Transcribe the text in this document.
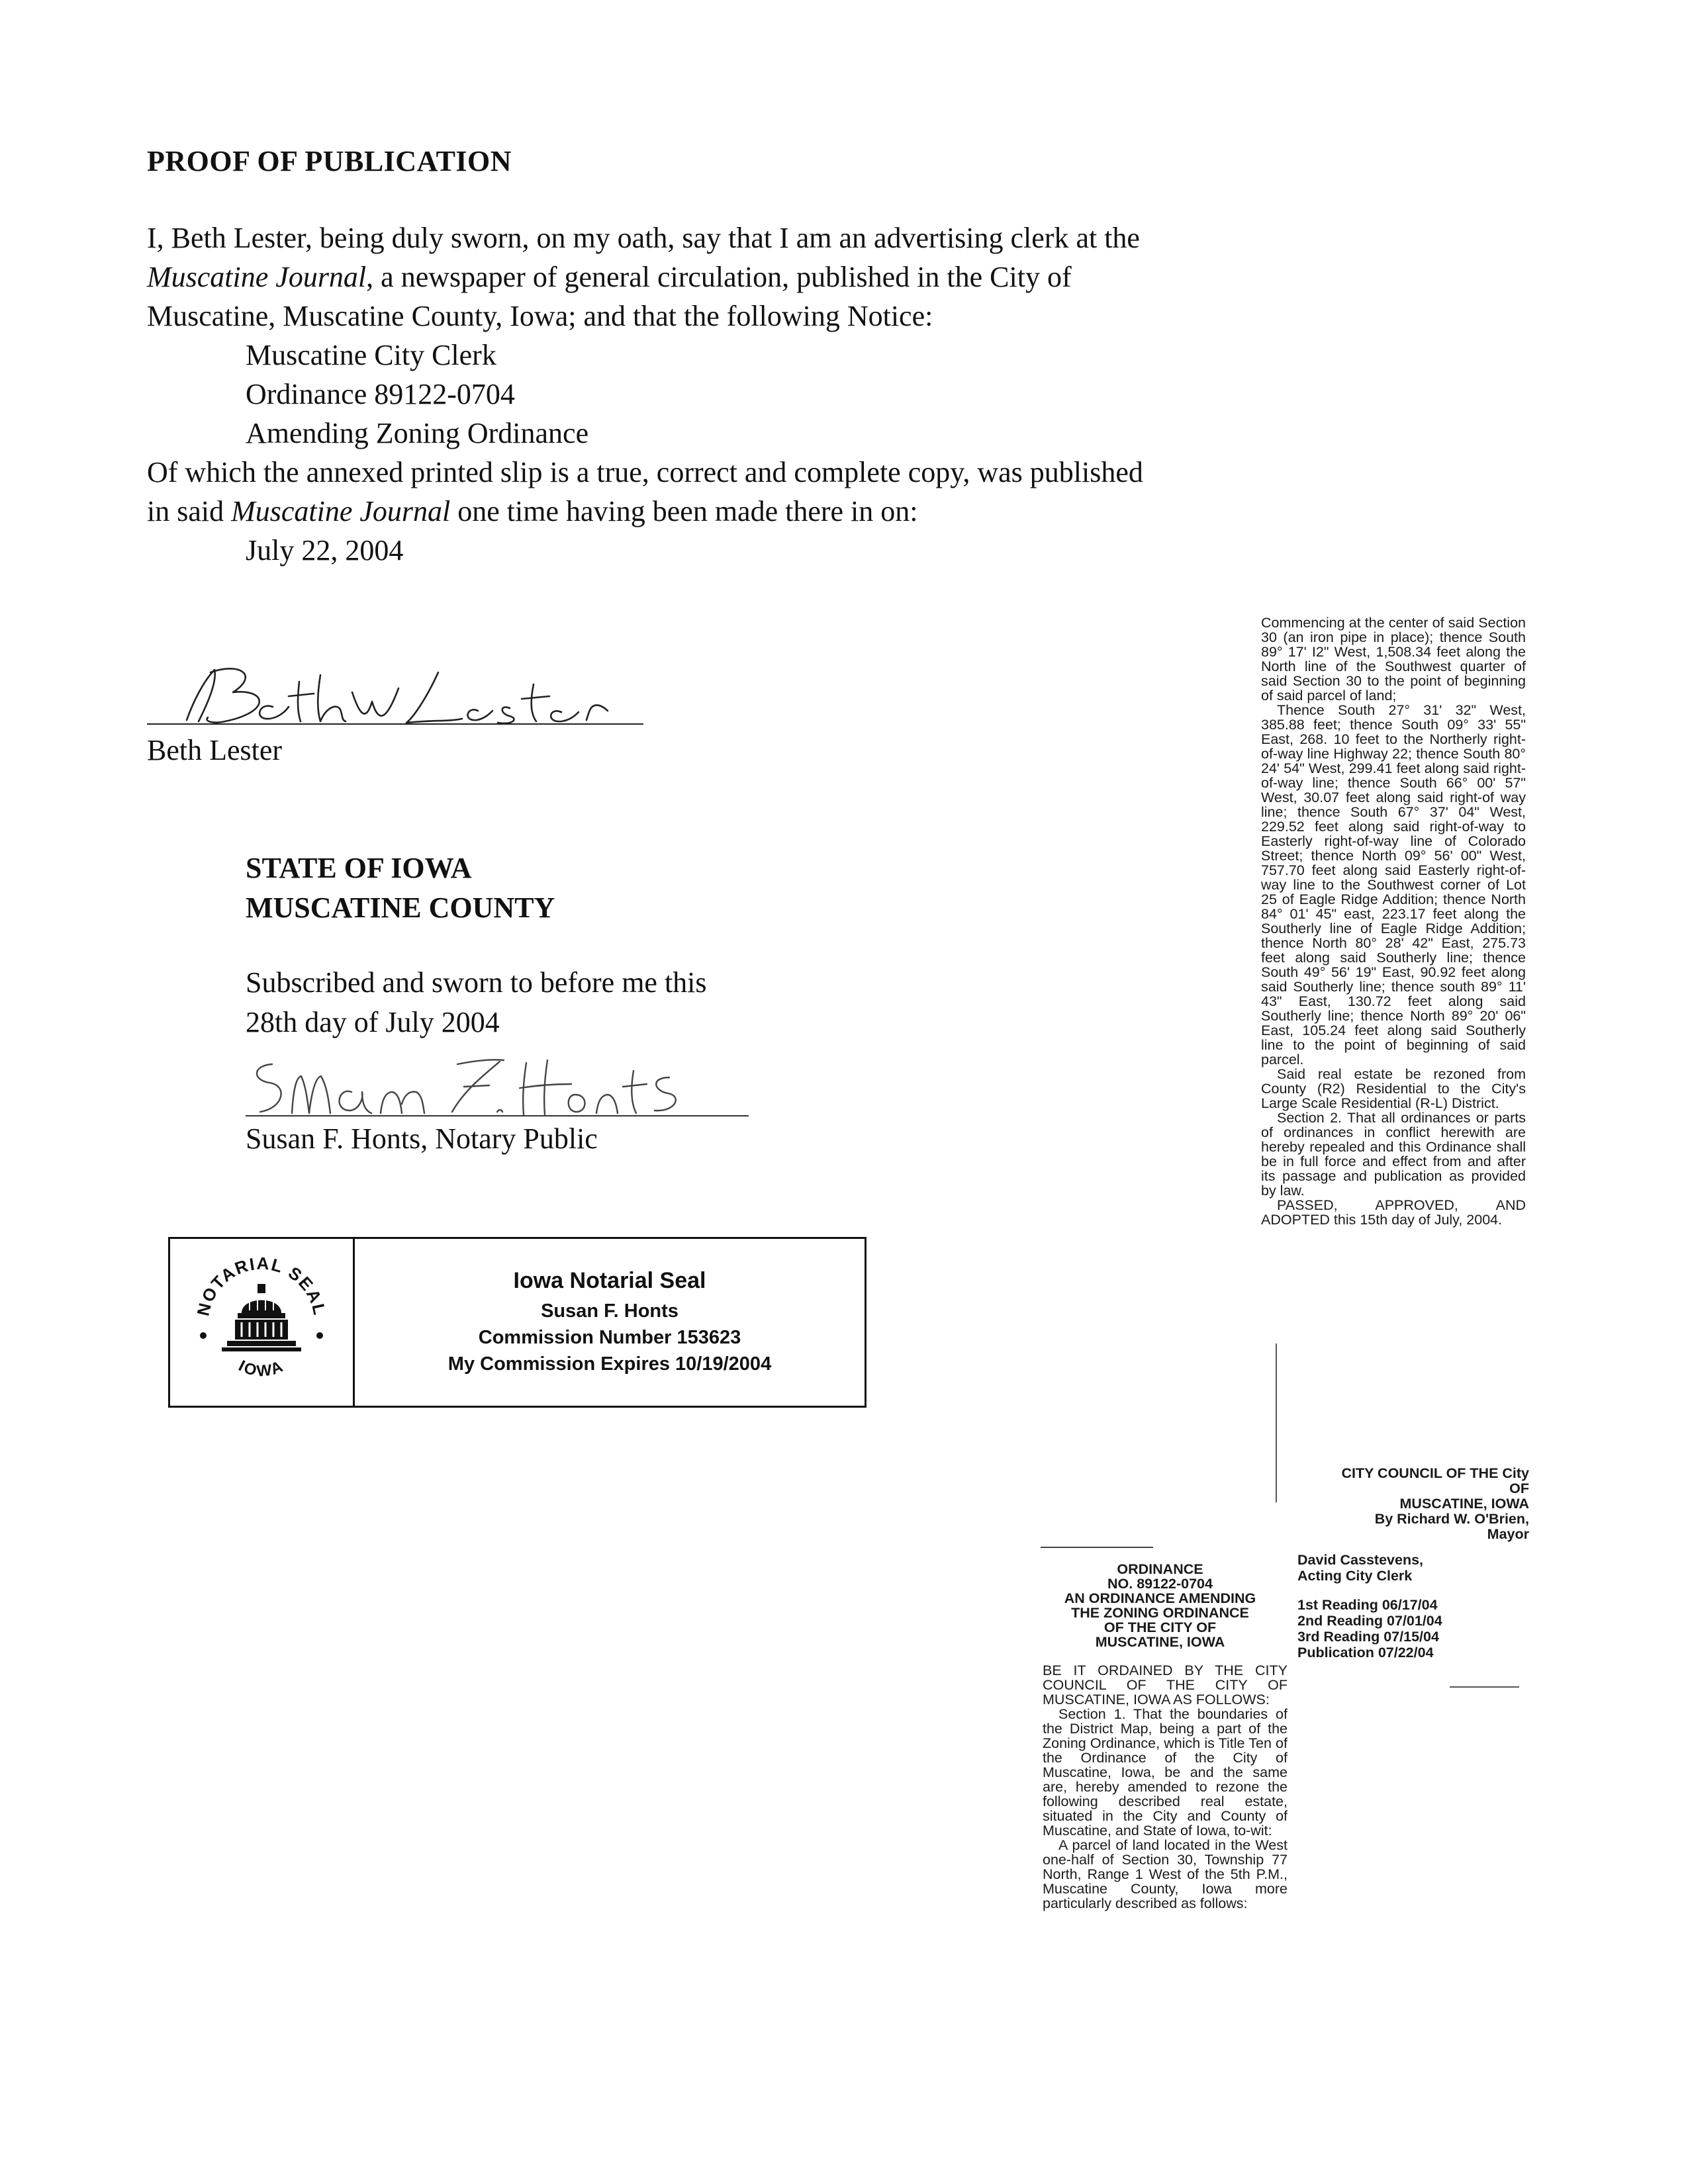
PROOF OF PUBLICATION
I, Beth Lester, being duly sworn, on my oath, say that I am an advertising clerk at the
Muscatine Journal, a newspaper of general circulation, published in the City of
Muscatine, Muscatine County, Iowa; and that the following Notice:
Muscatine City Clerk
Ordinance 89122-0704
Amending Zoning Ordinance
Of which the annexed printed slip is a true, correct and complete copy, was published
in said Muscatine Journal one time having been made there in on:
July 22, 2004
Beth Lester
STATE OF IOWA
MUSCATINE COUNTY
Subscribed and sworn to before me this
28th day of July 2004
Susan F. Honts, Notary Public
NOTARIAL SEAL
IOWA
Iowa Notarial Seal
Susan F. Honts
Commission Number 153623
My Commission Expires 10/19/2004

Commencing at the center of said Section 30 (an iron pipe in place); thence South 89° 17' I2" West, 1,508.34 feet along the North line of the Southwest quarter of said Section 30 to the point of beginning of said parcel of land;

Thence South 27° 31' 32" West, 385.88 feet; thence South 09° 33' 55" East, 268. 10 feet to the Northerly right-of-way line Highway 22; thence South 80° 24' 54" West, 299.41 feet along said right-of-way line; thence South 66° 00' 57" West, 30.07 feet along said right-of way line; thence South 67° 37' 04" West, 229.52 feet along said right-of-way to Easterly right-of-way line of Colorado Street; thence North 09° 56' 00" West, 757.70 feet along said Easterly right-of-way line to the Southwest corner of Lot 25 of Eagle Ridge Addition; thence North 84° 01' 45" east, 223.17 feet along the Southerly line of Eagle Ridge Addition; thence North 80° 28' 42" East, 275.73 feet along said Southerly line; thence South 49° 56' 19" East, 90.92 feet along said Southerly line; thence south 89° 11' 43" East, 130.72 feet along said Southerly line; thence North 89° 20' 06" East, 105.24 feet along said Southerly line to the point of beginning of said parcel.

Said real estate be rezoned from County (R2) Residential to the City's Large Scale Residential (R-L) District.

Section 2. That all ordinances or parts of ordinances in conflict herewith are hereby repealed and this Ordinance shall be in full force and effect from and after its passage and publication as provided by law.

PASSED, APPROVED, AND ADOPTED this 15th day of July, 2004.

CITY COUNCIL OF THE City
OF
MUSCATINE, IOWA
By Richard W. O'Brien,
Mayor
David Casstevens,
Acting City Clerk
1st Reading 06/17/04
2nd Reading 07/01/04
3rd Reading 07/15/04
Publication 07/22/04
ORDINANCE
NO. 89122-0704
AN ORDINANCE AMENDING
THE ZONING ORDINANCE
OF THE CITY OF
MUSCATINE, IOWA

BE IT ORDAINED BY THE CITY COUNCIL OF THE CITY OF MUSCATINE, IOWA AS FOLLOWS:

Section 1. That the boundaries of the District Map, being a part of the Zoning Ordinance, which is Title Ten of the Ordinance of the City of Muscatine, Iowa, be and the same are, hereby amended to rezone the following described real estate, situated in the City and County of Muscatine, and State of Iowa, to-wit:

A parcel of land located in the West one-half of Section 30, Township 77 North, Range 1 West of the 5th P.M., Muscatine County, Iowa more particularly described as follows:
